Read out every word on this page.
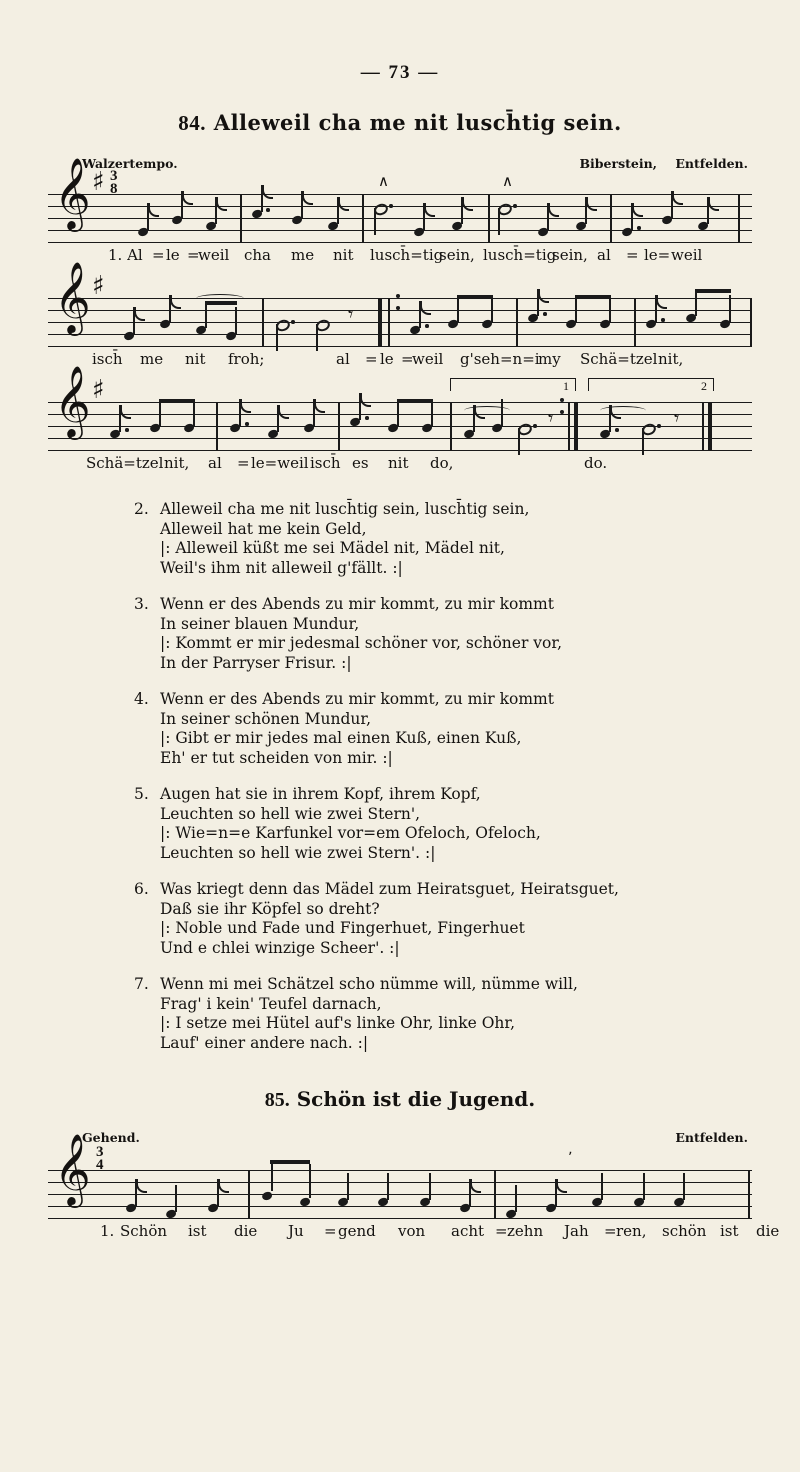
— 73 —
84. Alleweil cha me nit lusch̄tig sein.
Walzertempo.	Biberstein, Entfelden.
𝄞 ♯ 3
8	∧	∧
1. Al = le =
weil cha me nit lusch̄=tig
sein, lusch̄=tig
sein, al = le= weil
𝄞 ♯
𝄾
isch̄ me nit froh;	al = le =
weil g'seh=n=i
my Schä=tzel nit,
𝄞 ♯	1
𝄾
2
𝄾
Schä=tzel nit, al = le=weil isch̄ es nit do,	do.
2. Alleweil cha me nit lusch̄tig sein, lusch̄tig sein,
Alleweil hat me kein Geld,
|: Alleweil küßt me sei Mädel nit, Mädel nit,
Weil's ihm nit alleweil g'fällt. :|
3. Wenn er des Abends zu mir kommt, zu mir kommt
In seiner blauen Mundur,
|: Kommt er mir jedesmal schöner vor, schöner vor,
In der Parryser Frisur. :|
4. Wenn er des Abends zu mir kommt, zu mir kommt
In seiner schönen Mundur,
|: Gibt er mir jedes mal einen Kuß, einen Kuß,
Eh' er tut scheiden von mir. :|
5. Augen hat sie in ihrem Kopf, ihrem Kopf,
Leuchten so hell wie zwei Stern',
|: Wie=n=e Karfunkel vor=em Ofeloch, Ofeloch,
Leuchten so hell wie zwei Stern'. :|
6. Was kriegt denn das Mädel zum Heiratsguet, Heiratsguet,
Daß sie ihr Köpfel so dreht?
|: Noble und Fade und Fingerhuet, Fingerhuet
Und e chlei winzige Scheer'. :|
7. Wenn mi mei Schätzel scho nümme will, nümme will,
Frag' i kein' Teufel darnach,
|: I setze mei Hütel auf's linke Ohr, linke Ohr,
Lauf' einer andere nach. :|
85. Schön ist die Jugend.
Gehend.	Entfelden.
𝄞 3
4	ʼ
1. Schön ist die Ju = gend von acht = zehn Jah = ren, schön ist die
